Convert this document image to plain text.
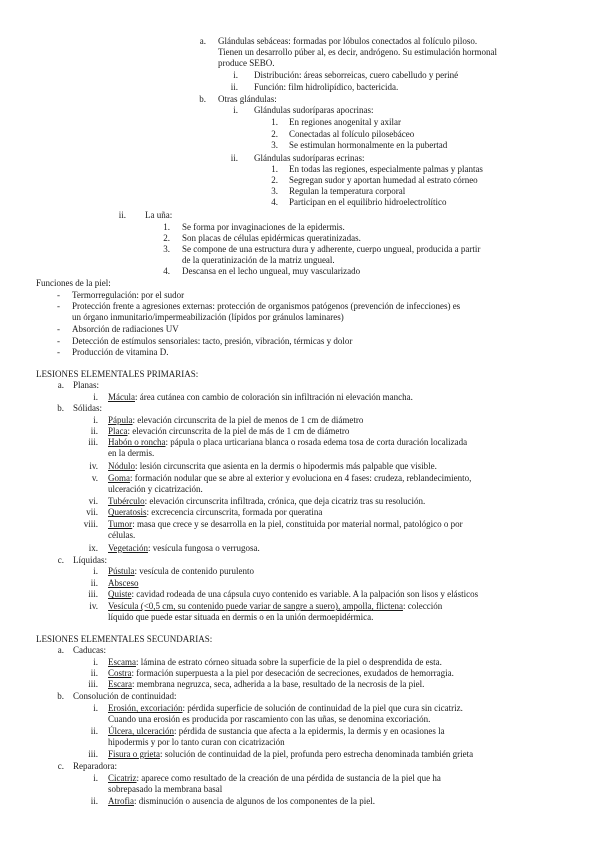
a. Glándulas sebáceas: formadas por lóbulos conectados al folículo piloso.
Tienen un desarrollo púber al, es decir, andrógeno. Su estimulación hormonal
produce SEBO.
i. Distribución: áreas seborreicas, cuero cabelludo y periné
ii. Función: film hidrolipídico, bactericida.
b. Otras glándulas:
i. Glándulas sudoríparas apocrinas:
1. En regiones anogenital y axilar
2. Conectadas al folículo pilosebáceo
3. Se estimulan hormonalmente en la pubertad
ii. Glándulas sudoríparas ecrinas:
1. En todas las regiones, especialmente palmas y plantas
2. Segregan sudor y aportan humedad al estrato córneo
3. Regulan la temperatura corporal
4. Participan en el equilibrio hidroelectrolítico
ii. La uña:
1. Se forma por invaginaciones de la epidermis.
2. Son placas de células epidérmicas queratinizadas.
3. Se compone de una estructura dura y adherente, cuerpo ungueal, producida a partir
de la queratinización de la matriz ungueal.
4. Descansa en el lecho ungueal, muy vascularizado
Funciones de la piel:
- Termorregulación: por el sudor
- Protección frente a agresiones externas: protección de organismos patógenos (prevención de infecciones) es
un órgano inmunitario/impermeabilización (lípidos por gránulos laminares)
- Absorción de radiaciones UV
- Detección de estímulos sensoriales: tacto, presión, vibración, térmicas y dolor
- Producción de vitamina D.
LESIONES ELEMENTALES PRIMARIAS:
a. Planas:
i. Mácula: área cutánea con cambio de coloración sin infiltración ni elevación mancha.
b. Sólidas:
i. Pápula: elevación circunscrita de la piel de menos de 1 cm de diámetro
ii. Placa: elevación circunscrita de la piel de más de 1 cm de diámetro
iii. Habón o roncha: pápula o placa urticariana blanca o rosada edema tosa de corta duración localizada
en la dermis.
iv. Nódulo: lesión circunscrita que asienta en la dermis o hipodermis más palpable que visible.
v. Goma: formación nodular que se abre al exterior y evoluciona en 4 fases: crudeza, reblandecimiento,
ulceración y cicatrización.
vi. Tubérculo: elevación circunscrita infiltrada, crónica, que deja cicatriz tras su resolución.
vii. Queratosis: excrecencia circunscrita, formada por queratina
viii. Tumor: masa que crece y se desarrolla en la piel, constituida por material normal, patológico o por
células.
ix. Vegetación: vesícula fungosa o verrugosa.
c. Líquidas:
i. Pústula: vesícula de contenido purulento
ii. Absceso
iii. Quiste: cavidad rodeada de una cápsula cuyo contenido es variable. A la palpación son lisos y elásticos
iv. Vesícula (<0,5 cm, su contenido puede variar de sangre a suero), ampolla, flictena: colección
líquido que puede estar situada en dermis o en la unión dermoepidérmica.
LESIONES ELEMENTALES SECUNDARIAS:
a. Caducas:
i. Escama: lámina de estrato córneo situada sobre la superficie de la piel o desprendida de esta.
ii. Costra: formación superpuesta a la piel por desecación de secreciones, exudados de hemorragia.
iii. Escara: membrana negruzca, seca, adherida a la base, resultado de la necrosis de la piel.
b. Consolución de continuidad:
i. Erosión, excoriación: pérdida superficie de solución de continuidad de la piel que cura sin cicatriz.
Cuando una erosión es producida por rascamiento con las uñas, se denomina excoriación.
ii. Úlcera, ulceración: pérdida de sustancia que afecta a la epidermis, la dermis y en ocasiones la
hipodermis y por lo tanto curan con cicatrización
iii. Fisura o grieta: solución de continuidad de la piel, profunda pero estrecha denominada también grieta
c. Reparadora:
i. Cicatriz: aparece como resultado de la creación de una pérdida de sustancia de la piel que ha
sobrepasado la membrana basal
ii. Atrofia: disminución o ausencia de algunos de los componentes de la piel.
